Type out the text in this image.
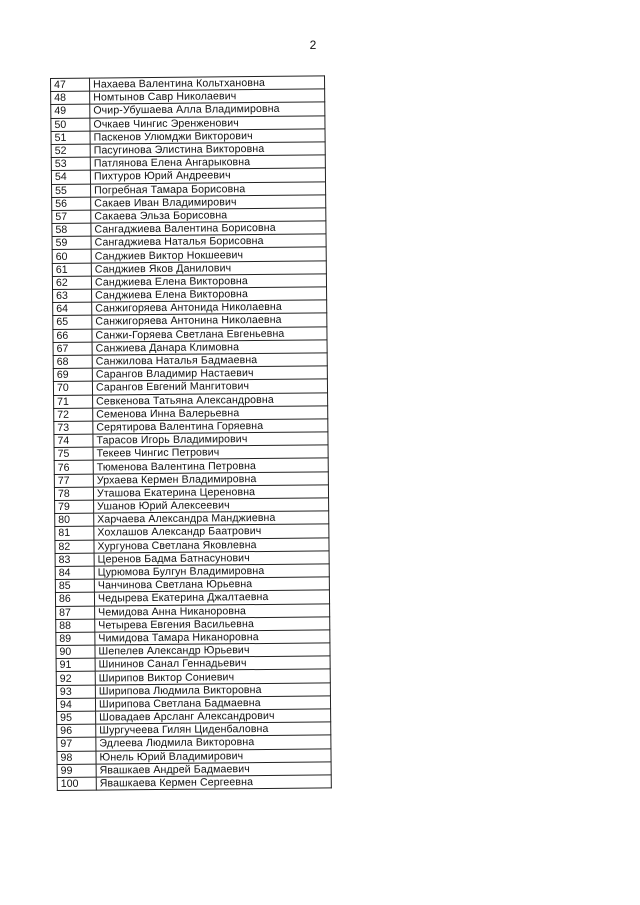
2
47	Нахаева Валентина Кольтхановна
48	Номтынов Савр Николаевич
49	Очир-Убушаева Алла Владимировна
50	Очкаев Чингис Эренженович
51	Паскенов Улюмджи Викторович
52	Пасугинова Элистина Викторовна
53	Патлянова Елена Ангарыковна
54	Пихтуров Юрий Андреевич
55	Погребная Тамара Борисовна
56	Сакаев Иван Владимирович
57	Сакаева Эльза Борисовна
58	Сангаджиева Валентина Борисовна
59	Сангаджиева Наталья Борисовна
60	Санджиев Виктор Нокшеевич
61	Санджиев Яков Данилович
62	Санджиева Елена Викторовна
63	Санджиева Елена Викторовна
64	Санжигоряева Антонида Николаевна
65	Санжигоряева Антонина Николаевна
66	Санжи-Горяева Светлана Евгеньевна
67	Санжиева Данара Климовна
68	Санжилова Наталья Бадмаевна
69	Сарангов Владимир Настаевич
70	Сарангов Евгений Мангитович
71	Севкенова Татьяна Александровна
72	Семенова Инна Валерьевна
73	Серятирова Валентина Горяевна
74	Тарасов Игорь Владимирович
75	Текеев Чингис Петрович
76	Тюменова Валентина Петровна
77	Урхаева Кермен Владимировна
78	Уташова Екатерина Цереновна
79	Ушанов Юрий Алексеевич
80	Харчаева Александра Манджиевна
81	Хохлашов Александр Баатрович
82	Хургунова Светлана Яковлевна
83	Церенов Бадма Батнасунович
84	Цурюмова Булгун Владимировна
85	Чанчинова Светлана Юрьевна
86	Чедырева Екатерина Джалтаевна
87	Чемидова Анна Никаноровна
88	Четырева Евгения Васильевна
89	Чимидова Тамара Никаноровна
90	Шепелев Александр Юрьевич
91	Шининов Санал Геннадьевич
92	Ширипов Виктор Сониевич
93	Ширипова Людмила Викторовна
94	Ширипова Светлана Бадмаевна
95	Шовадаев Арсланг Александрович
96	Шургучеева Гилян Циденбаловна
97	Эдлеева Людмила Викторовна
98	Юнель Юрий Владимирович
99	Явашкаев Андрей Бадмаевич
100	Явашкаева Кермен Сергеевна
